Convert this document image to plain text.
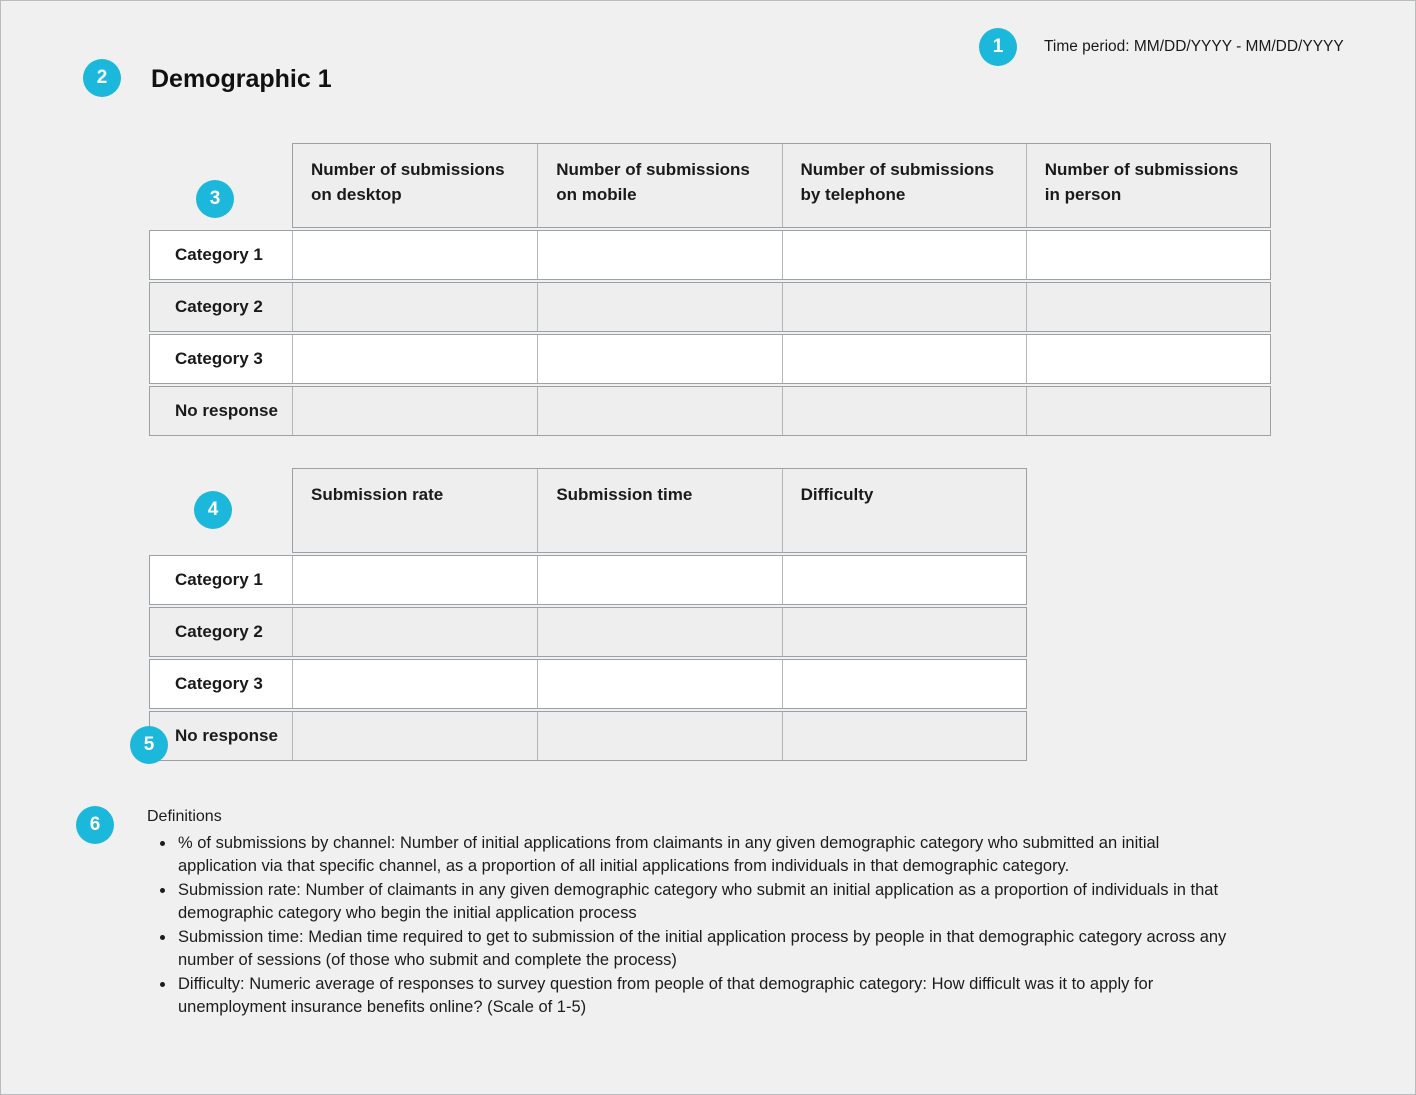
1
2
3
4
5
6
Time period: MM/DD/YYYY - MM/DD/YYYY
Demographic 1
Number of submissions on desktop
Number of submissions on mobile
Number of submissions by telephone
Number of submissions in person
Category 1
Category 2
Category 3
No response
Submission rate	Submission time	Difficulty
Category 1
Category 2
Category 3
No response
Definitions
• % of submissions by channel: Number of initial applications from claimants in any given demographic category who submitted an initial application via that specific channel, as a proportion of all initial applications from individuals in that demographic category.
• Submission rate: Number of claimants in any given demographic category who submit an initial application as a proportion of individuals in that demographic category who begin the initial application process
• Submission time: Median time required to get to submission of the initial application process by people in that demographic category across any number of sessions (of those who submit and complete the process)
• Difficulty: Numeric average of responses to survey question from people of that demographic category: How difficult was it to apply for unemployment insurance benefits online? (Scale of 1-5)
